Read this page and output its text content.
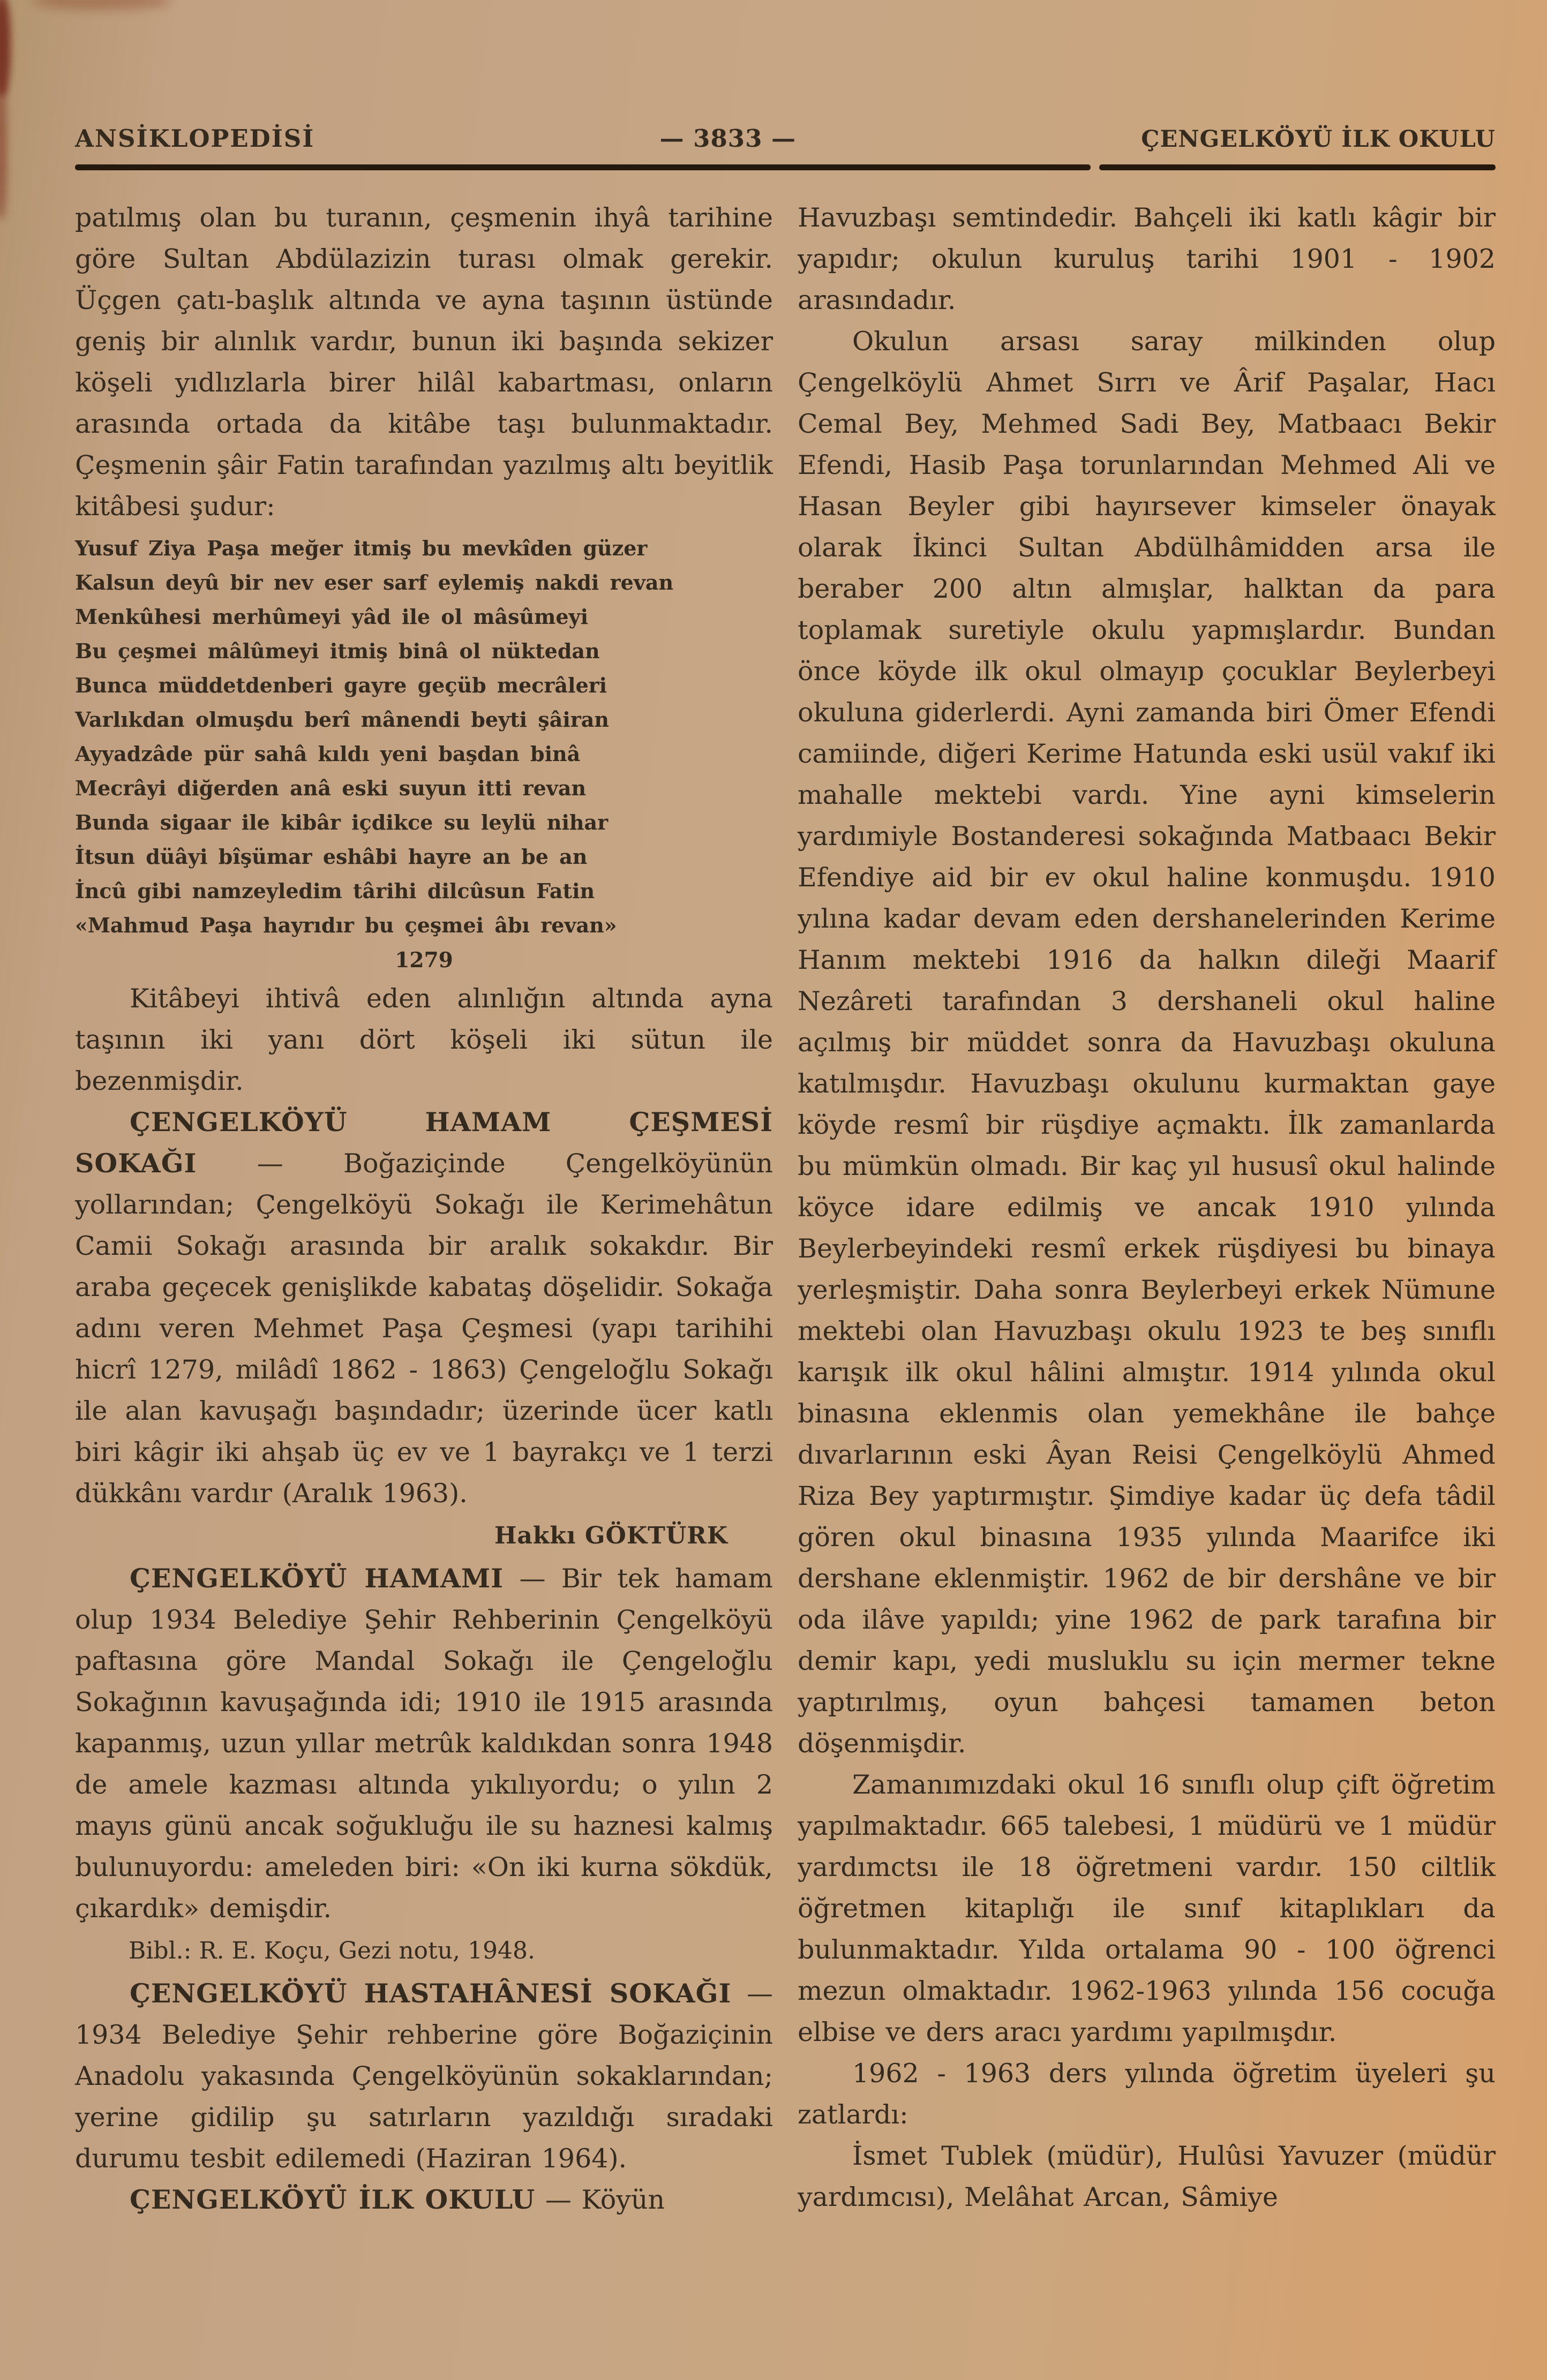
ANSİKLOPEDİSİ	— 3833 —	ÇENGELKÖYÜ İLK OKULU

patılmış olan bu turanın, çeşmenin ihyâ tarihine göre Sultan Abdülazizin turası olmak gerekir. Üçgen çatı-başlık altında ve ayna taşının üstünde geniş bir alınlık vardır, bunun iki başında sekizer köşeli yıdlızlarla birer hilâl kabartması, onların arasında ortada da kitâbe taşı bulunmaktadır. Çeşmenin şâir Fatin tarafından yazılmış altı beyitlik kitâbesi şudur:

Yusuf Ziya Paşa meğer itmiş bu mevkîden güzer
Kalsun deyû bir nev eser sarf eylemiş nakdi revan
Menkûhesi merhûmeyi yâd ile ol mâsûmeyi
Bu çeşmei mâlûmeyi itmiş binâ ol nüktedan
Bunca müddetdenberi gayre geçüb mecrâleri
Varlıkdan olmuşdu berî mânendi beyti şâiran
Ayyadzâde pür sahâ kıldı yeni başdan binâ
Mecrâyi diğerden anâ eski suyun itti revan
Bunda sigaar ile kibâr içdikce su leylü nihar
İtsun düâyi bîşümar eshâbi hayre an be an
İncû gibi namzeyledim târihi dilcûsun Fatin
«Mahmud Paşa hayrıdır bu çeşmei âbı revan»
1279

Kitâbeyi ihtivâ eden alınlığın altında ayna taşının iki yanı dört köşeli iki sütun ile bezenmişdir.

ÇENGELKÖYÜ HAMAM ÇEŞMESİ SOKAĞI — Boğaziçinde Çengelköyünün yollarından; Çengelköyü Sokağı ile Kerimehâtun Camii Sokağı arasında bir aralık sokakdır. Bir araba geçecek genişlikde kabataş döşelidir. Sokağa adını veren Mehmet Paşa Çeşmesi (yapı tarihihi hicrî 1279, milâdî 1862 - 1863) Çengeloğlu Sokağı ile alan kavuşağı başındadır; üzerinde ücer katlı biri kâgir iki ahşab üç ev ve 1 bayrakçı ve 1 terzi dükkânı vardır (Aralık 1963).

Hakkı GÖKTÜRK

ÇENGELKÖYÜ HAMAMI — Bir tek hamam olup 1934 Belediye Şehir Rehberinin Çengelköyü paftasına göre Mandal Sokağı ile Çengeloğlu Sokağının kavuşağında idi; 1910 ile 1915 arasında kapanmış, uzun yıllar metrûk kaldıkdan sonra 1948 de amele kazması altında yıkılıyordu; o yılın 2 mayıs günü ancak soğukluğu ile su haznesi kalmış bulunuyordu: ameleden biri: «On iki kurna sökdük, çıkardık» demişdir.

Bibl.: R. E. Koçu, Gezi notu, 1948.

ÇENGELKÖYÜ HASTAHÂNESİ SOKAĞI — 1934 Belediye Şehir rehberine göre Boğaziçinin Anadolu yakasında Çengelköyünün sokaklarından; yerine gidilip şu satırların yazıldığı sıradaki durumu tesbit edilemedi (Haziran 1964).

ÇENGELKÖYÜ İLK OKULU — Köyün

Havuzbaşı semtindedir. Bahçeli iki katlı kâgir bir yapıdır; okulun kuruluş tarihi 1901 - 1902 arasındadır.

Okulun arsası saray milkinden olup Çengelköylü Ahmet Sırrı ve Ârif Paşalar, Hacı Cemal Bey, Mehmed Sadi Bey, Matbaacı Bekir Efendi, Hasib Paşa torunlarından Mehmed Ali ve Hasan Beyler gibi hayırsever kimseler önayak olarak İkinci Sultan Abdülhâmidden arsa ile beraber 200 altın almışlar, halktan da para toplamak suretiyle okulu yapmışlardır. Bundan önce köyde ilk okul olmayıp çocuklar Beylerbeyi okuluna giderlerdi. Ayni zamanda biri Ömer Efendi camiinde, diğeri Kerime Hatunda eski usül vakıf iki mahalle mektebi vardı. Yine ayni kimselerin yardımiyle Bostanderesi sokağında Matbaacı Bekir Efendiye aid bir ev okul haline konmuşdu. 1910 yılına kadar devam eden dershanelerinden Kerime Hanım mektebi 1916 da halkın dileği Maarif Nezâreti tarafından 3 dershaneli okul haline açılmış bir müddet sonra da Havuzbaşı okuluna katılmışdır. Havuzbaşı okulunu kurmaktan gaye köyde resmî bir rüşdiye açmaktı. İlk zamanlarda bu mümkün olmadı. Bir kaç yıl hususî okul halinde köyce idare edilmiş ve ancak 1910 yılında Beylerbeyindeki resmî erkek rüşdiyesi bu binaya yerleşmiştir. Daha sonra Beylerbeyi erkek Nümune mektebi olan Havuzbaşı okulu 1923 te beş sınıflı karışık ilk okul hâlini almıştır. 1914 yılında okul binasına eklenmis olan yemekhâne ile bahçe dıvarlarının eski Âyan Reisi Çengelköylü Ahmed Riza Bey yaptırmıştır. Şimdiye kadar üç defa tâdil gören okul binasına 1935 yılında Maarifce iki dershane eklenmiştir. 1962 de bir dershâne ve bir oda ilâve yapıldı; yine 1962 de park tarafına bir demir kapı, yedi musluklu su için mermer tekne yaptırılmış, oyun bahçesi tamamen beton döşenmişdir.

Zamanımızdaki okul 16 sınıflı olup çift öğretim yapılmaktadır. 665 talebesi, 1 müdürü ve 1 müdür yardımctsı ile 18 öğretmeni vardır. 150 ciltlik öğretmen kitaplığı ile sınıf kitaplıkları da bulunmaktadır. Yılda ortalama 90 - 100 öğrenci mezun olmaktadır. 1962-1963 yılında 156 cocuğa elbise ve ders aracı yardımı yapılmışdır.

1962 - 1963 ders yılında öğretim üyeleri şu zatlardı:

İsmet Tublek (müdür), Hulûsi Yavuzer (müdür yardımcısı), Melâhat Arcan, Sâmiye
